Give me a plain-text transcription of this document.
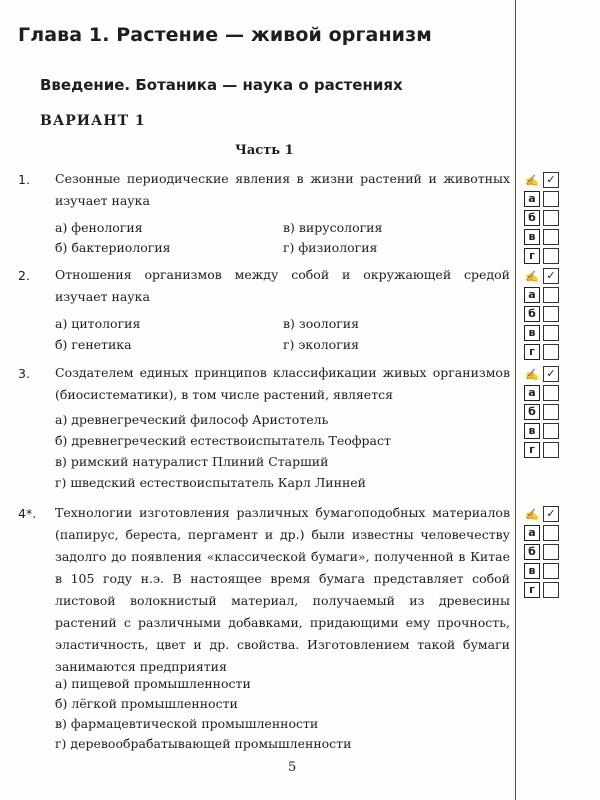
Глава 1. Растение — живой организм
Введение. Ботаника — наука о растениях
ВАРИАНТ 1
Часть 1
1. Сезонные периодические явления в жизни растений и животных изучает наука
а) фенология
б) бактериология
в) вирусология
г) физиология
✍ ✓
а
б
в
г
2. Отношения организмов между собой и окружающей средой изучает наука
а) цитология
б) генетика
в) зоология
г) экология
✍ ✓
а
б
в
г
3. Создателем единых принципов классификации живых организмов (биосистематики), в том числе растений, является
а) древнегреческий философ Аристотель
б) древнегреческий естествоиспытатель Теофраст
в) римский натуралист Плиний Старший
г) шведский естествоиспытатель Карл Линней
✍ ✓
а
б
в
г
4*. Технологии изготовления различных бумагоподобных материалов (папирус, береста, пергамент и др.) были известны человечеству задолго до появления «классической бумаги», полученной в Китае в 105 году н.э. В настоящее время бумага представляет собой листовой волокнистый материал, получаемый из древесины растений с различными добавками, придающими ему прочность, эластичность, цвет и др. свойства. Изготовлением такой бумаги занимаются предприятия
а) пищевой промышленности
б) лёгкой промышленности
в) фармацевтической промышленности
г) деревообрабатывающей промышленности
✍ ✓
а
б
в
г
5
